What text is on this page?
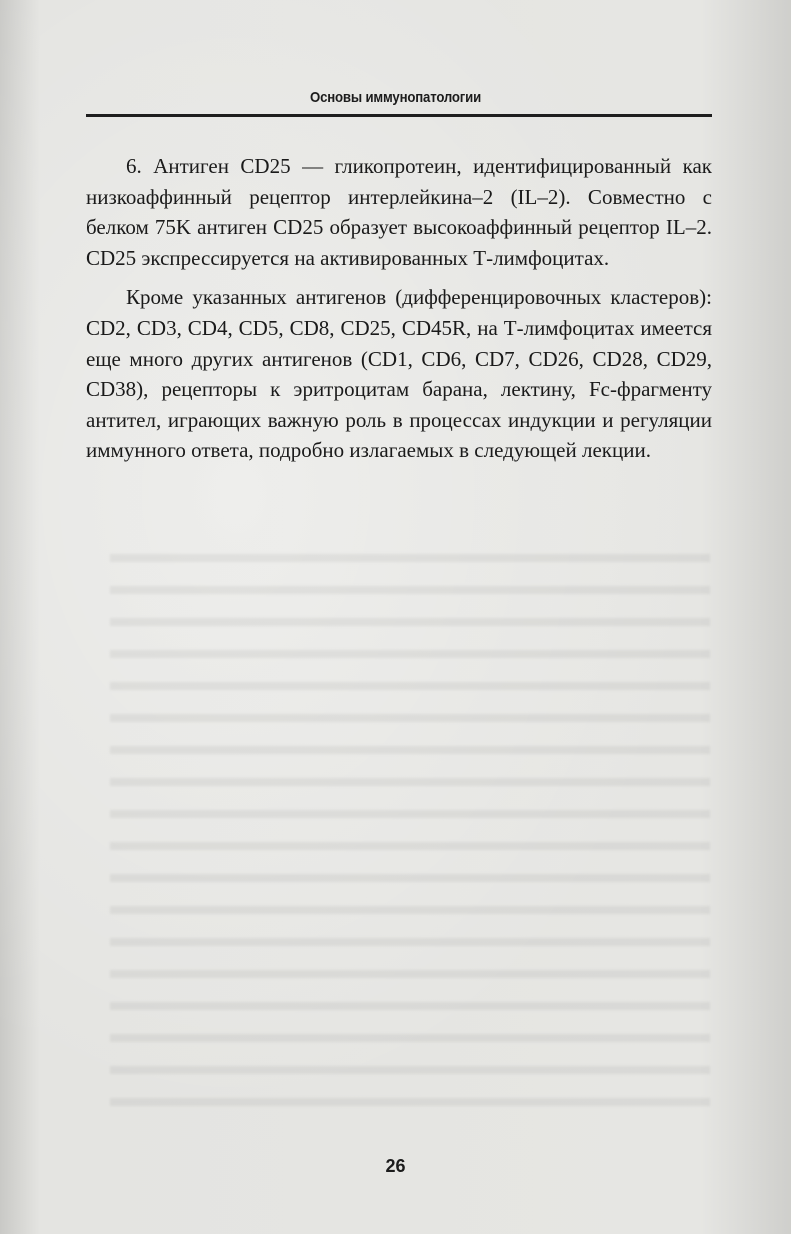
Основы иммунопатологии

6. Антиген CD25 — гликопротеин, идентифицированный как низкоаффинный рецептор интерлейкина–2 (IL–2). Совместно с белком 75K антиген CD25 образует высокоаффинный рецептор IL–2. CD25 экспрессируется на активированных Т-лимфоцитах.

Кроме указанных антигенов (дифференцировочных кластеров): CD2, CD3, CD4, CD5, CD8, CD25, CD45R, на Т-лимфоцитах имеется еще много других антигенов (CD1, CD6, CD7, CD26, CD28, CD29, CD38), рецепторы к эритроцитам барана, лектину, Fc-фрагменту антител, играющих важную роль в процессах индукции и регуляции иммунного ответа, подробно излагаемых в следующей лекции.

26
